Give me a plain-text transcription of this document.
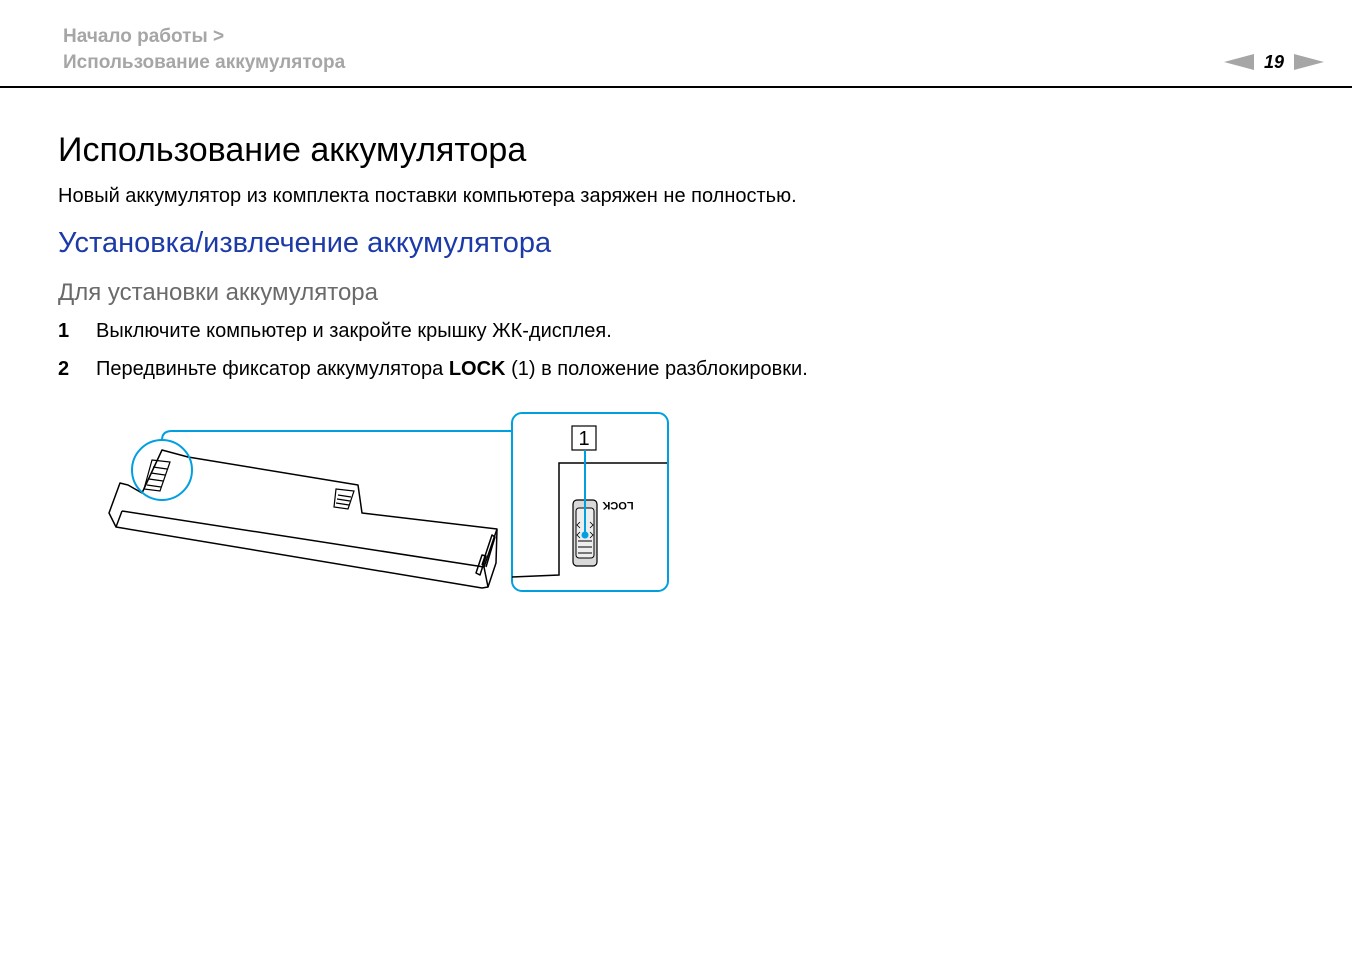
Начало работы >
Использование аккумулятора	19
Использование аккумулятора
Новый аккумулятор из комплекта поставки компьютера заряжен не полностью.
Установка/извлечение аккумулятора
Для установки аккумулятора
1 Выключите компьютер и закройте крышку ЖК-дисплея.
2 Передвиньте фиксатор аккумулятора LOCK (1) в положение разблокировки.
1
LOCK
